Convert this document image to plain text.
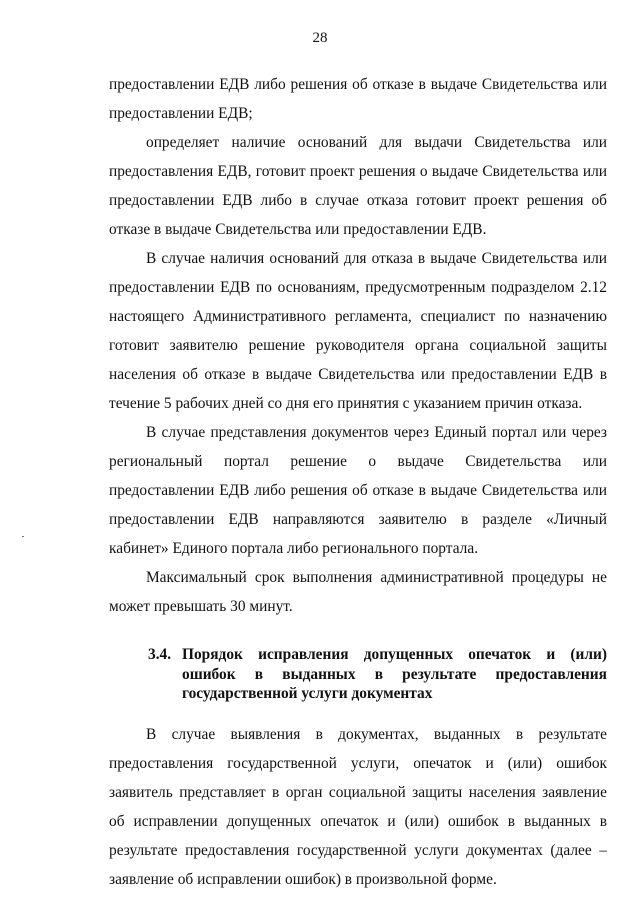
28

предоставлении ЕДВ либо решения об отказе в выдаче Свидетельства или предоставлении ЕДВ;

определяет наличие оснований для выдачи Свидетельства или предоставления ЕДВ, готовит проект решения о выдаче Свидетельства или предоставлении ЕДВ либо в случае отказа готовит проект решения об отказе в выдаче Свидетельства или предоставлении ЕДВ.

В случае наличия оснований для отказа в выдаче Свидетельства или предоставлении ЕДВ по основаниям, предусмотренным подразделом 2.12 настоящего Административного регламента, специалист по назначению готовит заявителю решение руководителя органа социальной защиты населения об отказе в выдаче Свидетельства или предоставлении ЕДВ в течение 5 рабочих дней со дня его принятия с указанием причин отказа.

В случае представления документов через Единый портал или через региональный портал решение о выдаче Свидетельства или предоставлении ЕДВ либо решения об отказе в выдаче Свидетельства или предоставлении ЕДВ направляются заявителю в разделе «Личный кабинет» Единого портала либо регионального портала.

Максимальный срок выполнения административной процедуры не может превышать 30 минут.

3.4. Порядок исправления допущенных опечаток и (или) ошибок в выданных в результате предоставления государственной услуги документах

В случае выявления в документах, выданных в результате предоставления государственной услуги, опечаток и (или) ошибок заявитель представляет в орган социальной защиты населения заявление об исправлении допущенных опечаток и (или) ошибок в выданных в результате предоставления государственной услуги документах (далее – заявление об исправлении ошибок) в произвольной форме.
